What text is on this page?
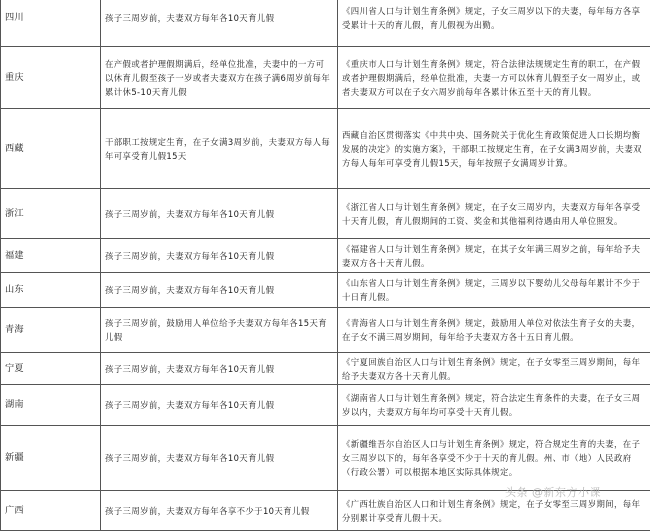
四川	孩子三周岁前，夫妻双方每年各10天育儿假	《四川省人口与计划生育条例》规定，子女三周岁以下的夫妻，每年每方各享受累计十天的育儿假，育儿假视为出勤。
重庆	在产假或者护理假期满后，经单位批准，夫妻中的一方可以休育儿假至孩子一岁或者夫妻双方在孩子满6周岁前每年累计休5-10天育儿假	《重庆市人口与计划生育条例》规定，符合法律法规规定生育的职工，在产假或者护理假期满后，经单位批准，夫妻一方可以休育儿假至子女一周岁止，或者夫妻双方可以在子女六周岁前每年各累计休五至十天的育儿假。
西藏	干部职工按规定生育，在子女满3周岁前，夫妻双方每人每年可享受育儿假15天	西藏自治区贯彻落实《中共中央、国务院关于优化生育政策促进人口长期均衡发展的决定》的实施方案》，干部职工按规定生育，在子女满3周岁前，夫妻双方每人每年可享受育儿假15天，每年按照子女满周岁计算。
浙江	孩子三周岁前，夫妻双方每年各10天育儿假	《浙江省人口与计划生育条例》规定，在子女三周岁内，夫妻双方每年各享受十天育儿假，育儿假期间的工资、奖金和其他福利待遇由用人单位照发。
福建	孩子三周岁前，夫妻双方每年各10天育儿假	《福建省人口与计划生育条例》规定，在其子女年满三周岁之前，每年给予夫妻双方各十天育儿假。
山东	孩子三周岁前，夫妻双方每年各10天育儿假	《山东省人口与计划生育条例》规定，三周岁以下婴幼儿父母每年累计不少于十日育儿假。
青海	孩子三周岁前，鼓励用人单位给予夫妻双方每年各15天育儿假	《青海省人口与计划生育条例》规定，鼓励用人单位对依法生育子女的夫妻，在子女不满三周岁期间，每年给予夫妻双方各十五日育儿假。
宁夏	孩子三周岁前，夫妻双方每年各10天育儿假	《宁夏回族自治区人口与计划生育条例》规定，在子女零至三周岁期间，每年给予夫妻双方各十天育儿假。
湖南	孩子三周岁前，夫妻双方每年各10天育儿假	《湖南省人口与计划生育条例》规定，符合法定生育条件的夫妻，在子女三周岁以内，夫妻双方每年均可享受十天育儿假。
新疆	孩子三周岁前，夫妻双方每年各10天育儿假	《新疆维吾尔自治区人口与计划生育条例》规定，符合规定生育的夫妻，在子女三周岁以下的，每年各享受不少于十天的育儿假。州、市（地）人民政府（行政公署）可以根据本地区实际具体规定。
广西	孩子三周岁前，夫妻双方每年各享不少于10天育儿假	《广西壮族自治区人口和计划生育条例》规定，在子女零至三周岁期间，每年分别累计享受育儿假十天。
头条 @新东方小课
